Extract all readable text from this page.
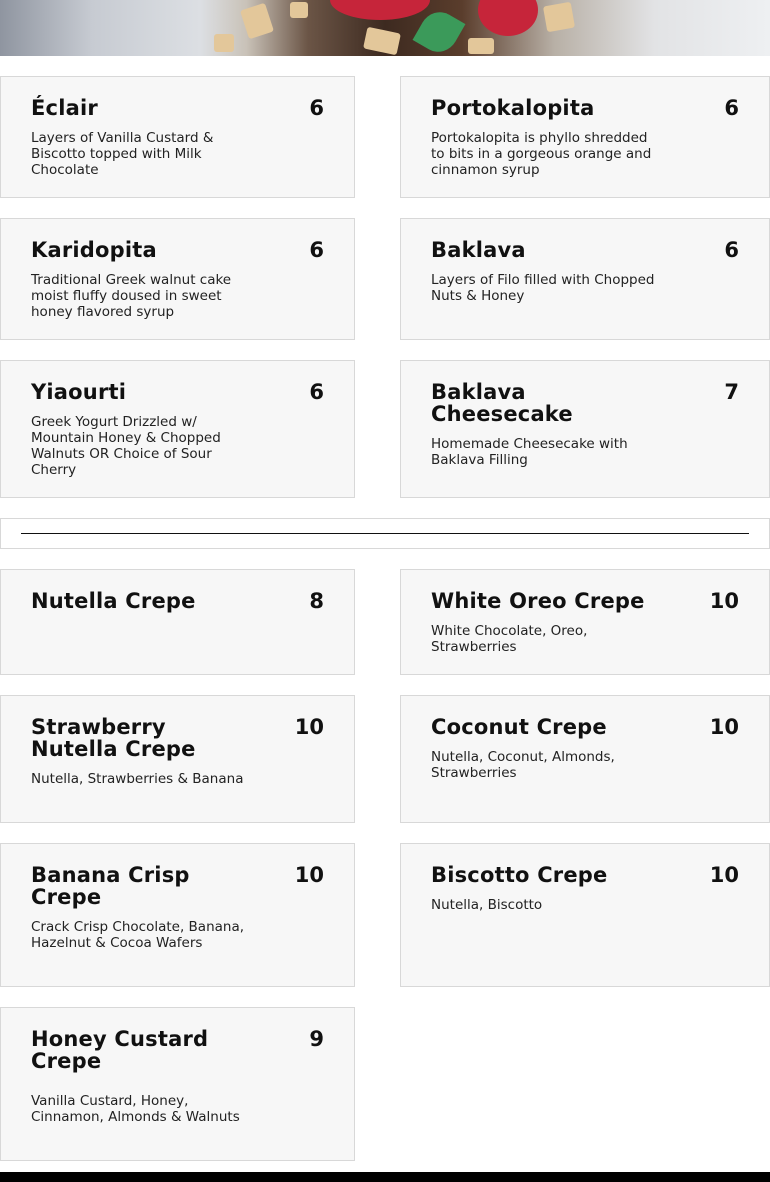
Éclair	6
Layers of Vanilla Custard & Biscotto topped with Milk Chocolate
Portokalopita	6
Portokalopita is phyllo shredded to bits in a gorgeous orange and cinnamon syrup
Karidopita	6
Traditional Greek walnut cake moist fluffy doused in sweet honey flavored syrup
Baklava	6
Layers of Filo filled with Chopped Nuts & Honey
Yiaourti	6
Greek Yogurt Drizzled w/ Mountain Honey & Chopped Walnuts OR Choice of Sour Cherry
Baklava Cheesecake
7
Homemade Cheesecake with Baklava Filling
Nutella Crepe	8	White Oreo Crepe	10
White Chocolate, Oreo, Strawberries
Strawberry Nutella Crepe
10
Nutella, Strawberries & Banana
Coconut Crepe	10
Nutella, Coconut, Almonds, Strawberries
Banana Crisp Crepe
10
Crack Crisp Chocolate, Banana, Hazelnut & Cocoa Wafers
Biscotto Crepe	10
Nutella, Biscotto
Honey Custard Crepe
9
Vanilla Custard, Honey, Cinnamon, Almonds & Walnuts
